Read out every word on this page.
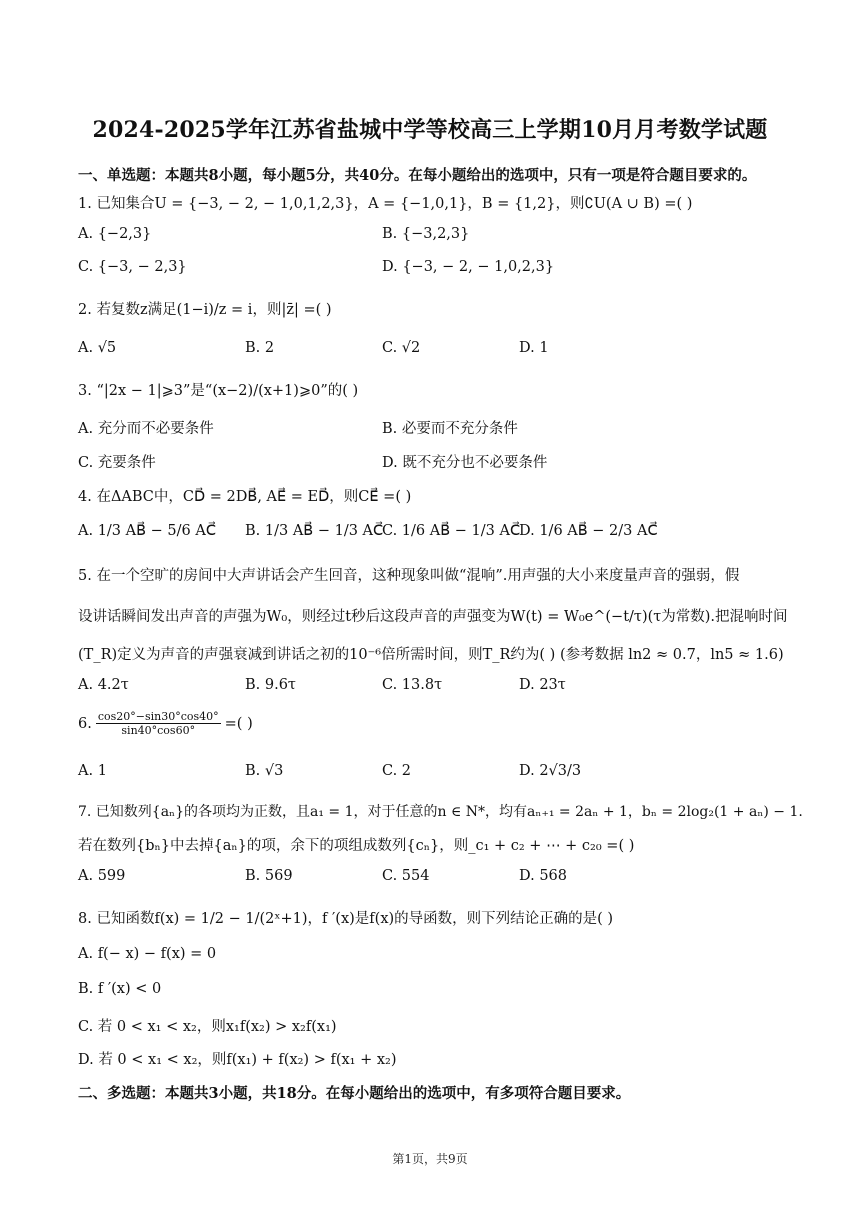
2024-2025学年江苏省盐城中学等校高三上学期10月月考数学试题
一、单选题：本题共8小题，每小题5分，共40分。在每小题给出的选项中，只有一项是符合题目要求的。
1. 已知集合U = {−3, − 2, − 1,0,1,2,3}，A = {−1,0,1}，B = {1,2}，则∁U(A ∪ B) =( )
A. {−2,3}	B. {−3,2,3}
C. {−3, − 2,3}	D. {−3, − 2, − 1,0,2,3}
2. 若复数z满足(1−i)/z = i，则|z̄| =( )
A. √5	B. 2	C. √2	D. 1
3. “|2x − 1|⩾3”是“(x−2)/(x+1)⩾0”的( )
A. 充分而不必要条件	B. 必要而不充分条件
C. 充要条件	D. 既不充分也不必要条件
4. 在ΔABC中，CD⃗ = 2DB⃗, AE⃗ = ED⃗，则CE⃗ =( )
A. 1/3 AB⃗ − 5/6 AC⃗ B. 1/3 AB⃗ − 1/3 AC⃗
C. 1/6 AB⃗ − 1/3 AC⃗
D. 1/6 AB⃗ − 2/3 AC⃗
5. 在一个空旷的房间中大声讲话会产生回音，这种现象叫做“混响”.用声强的大小来度量声音的强弱，假
设讲话瞬间发出声音的声强为W₀，则经过t秒后这段声音的声强变为W(t) = W₀e^(−t/τ)(τ为常数).把混响时间
(T_R)定义为声音的声强衰减到讲话之初的10⁻⁶倍所需时间，则T_R约为( ) (参考数据 ln2 ≈ 0.7，ln5 ≈ 1.6)
A. 4.2τ	B. 9.6τ	C. 13.8τ	D. 23τ
6. $\frac{\cos 20^\circ-\sin 30^\circ\cos 40^\circ}{\sin 40^\circ\cos 60^\circ}$ =( )
A. 1	B. √3	C. 2	D. 2√3/3
7. 已知数列{aₙ}的各项均为正数，且a₁ = 1，对于任意的n ∈ N*，均有aₙ₊₁ = 2aₙ + 1，bₙ = 2log₂(1 + aₙ) − 1.
若在数列{bₙ}中去掉{aₙ}的项，余下的项组成数列{cₙ}，则_c₁ + c₂ + ⋯ + c₂₀ =( )
A. 599	B. 569	C. 554	D. 568
8. 已知函数f(x) = 1/2 − 1/(2ˣ+1)，f ′(x)是f(x)的导函数，则下列结论正确的是( )
A. f(− x) − f(x) = 0
B. f ′(x) < 0
C. 若 0 < x₁ < x₂，则x₁f(x₂) > x₂f(x₁)
D. 若 0 < x₁ < x₂，则f(x₁) + f(x₂) > f(x₁ + x₂)
二、多选题：本题共3小题，共18分。在每小题给出的选项中，有多项符合题目要求。
第1页，共9页
